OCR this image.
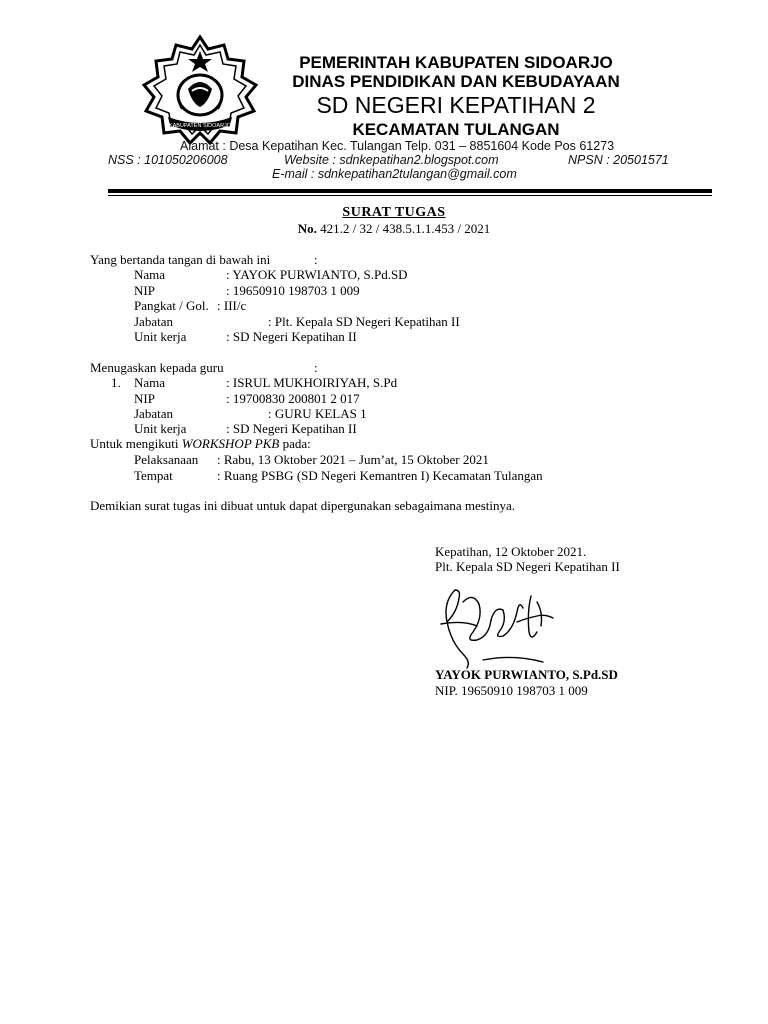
KABUPATEN SIDOARJO
PEMERINTAH KABUPATEN SIDOARJO
DINAS PENDIDIKAN DAN KEBUDAYAAN
SD NEGERI KEPATIHAN 2
KECAMATAN TULANGAN
Alamat : Desa Kepatihan Kec. Tulangan Telp. 031 – 8851604 Kode Pos 61273
NSS : 101050206008	Website : sdnkepatihan2.blogspot.com	NPSN : 20501571
E-mail : sdnkepatihan2tulangan@gmail.com
SURAT TUGAS
No. 421.2 / 32 / 438.5.1.1.453 / 2021
Yang bertanda tangan di bawah ini	:
Nama	: YAYOK PURWIANTO, S.Pd.SD
NIP	: 19650910 198703 1 009
Pangkat / Gol. : III/c
Jabatan	: Plt. Kepala SD Negeri Kepatihan II
Unit kerja	: SD Negeri Kepatihan II
Menugaskan kepada guru	:
1. Nama	: ISRUL MUKHOIRIYAH, S.Pd
NIP	: 19700830 200801 2 017
Jabatan	: GURU KELAS 1
Unit kerja	: SD Negeri Kepatihan II
Untuk mengikuti WORKSHOP PKB pada:
Pelaksanaan : Rabu, 13 Oktober 2021 – Jum’at, 15 Oktober 2021
Tempat	: Ruang PSBG (SD Negeri Kemantren I) Kecamatan Tulangan
Demikian surat tugas ini dibuat untuk dapat dipergunakan sebagaimana mestinya.
Kepatihan, 12 Oktober 2021.
Plt. Kepala SD Negeri Kepatihan II
YAYOK PURWIANTO, S.Pd.SD
NIP. 19650910 198703 1 009
